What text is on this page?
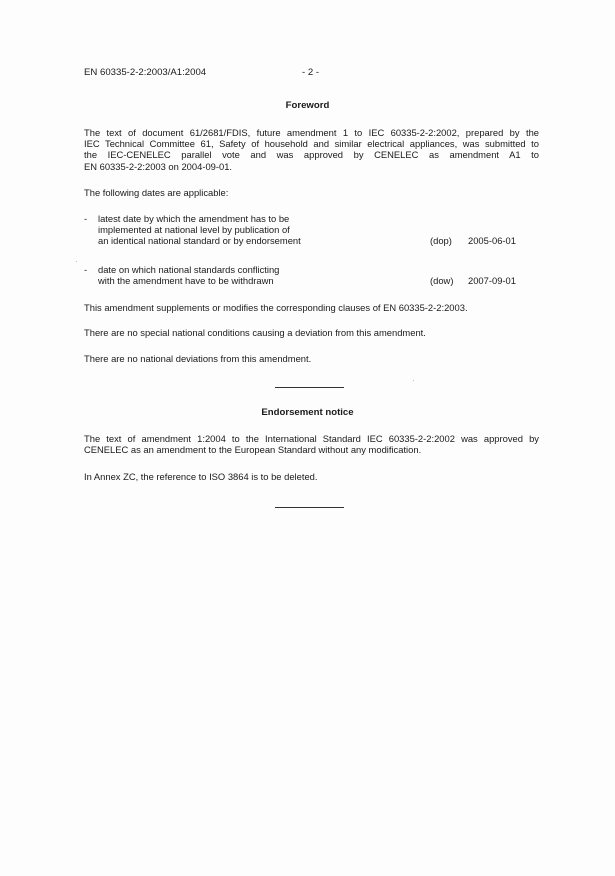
EN 60335-2-2:2003/A1:2004	- 2 -
Foreword
The text of document 61/2681/FDIS, future amendment 1 to IEC 60335-2-2:2002, prepared by the
IEC Technical Committee 61, Safety of household and similar electrical appliances, was submitted to
the IEC-CENELEC parallel vote and was approved by CENELEC as amendment A1 to
EN 60335-2-2:2003 on 2004-09-01.
The following dates are applicable:
- latest date by which the amendment has to be
implemented at national level by publication of
an identical national standard or by endorsement	(dop) 2005-06-01
- date on which national standards conflicting
with the amendment have to be withdrawn	(dow) 2007-09-01
This amendment supplements or modifies the corresponding clauses of EN 60335-2-2:2003.
There are no special national conditions causing a deviation from this amendment.
There are no national deviations from this amendment.
Endorsement notice
The text of amendment 1:2004 to the International Standard IEC 60335-2-2:2002 was approved by
CENELEC as an amendment to the European Standard without any modification.
In Annex ZC, the reference to ISO 3864 is to be deleted.
